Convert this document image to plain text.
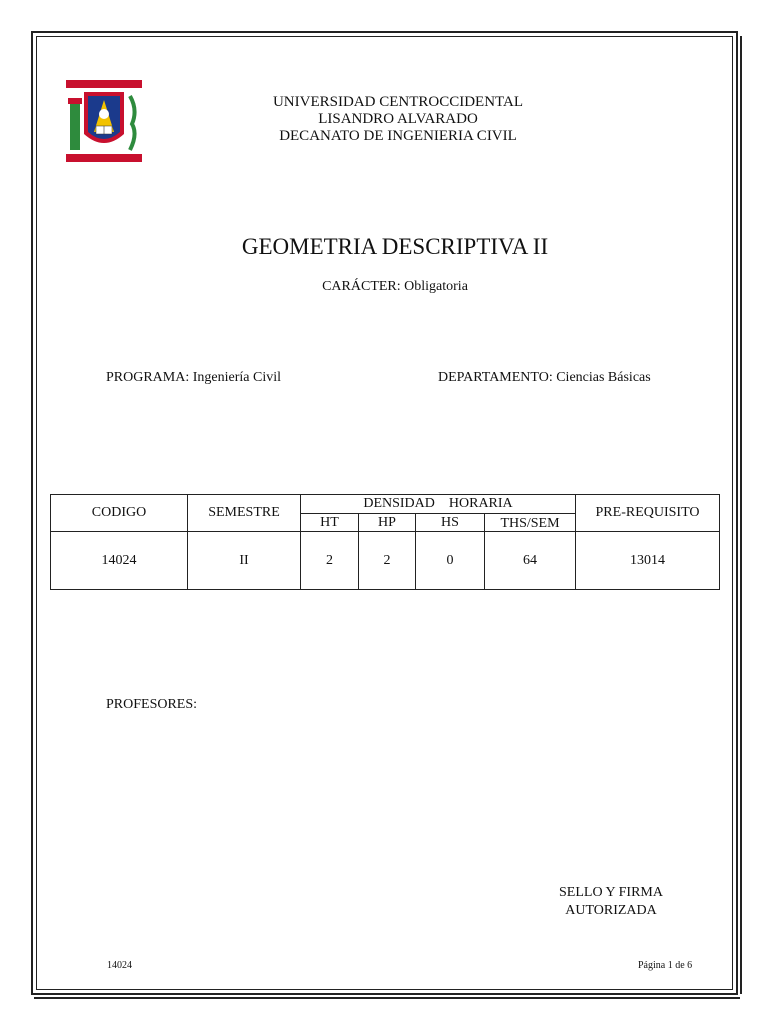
UNIVERSIDAD CENTROCCIDENTAL
LISANDRO ALVARADO
DECANATO DE INGENIERIA CIVIL
GEOMETRIA DESCRIPTIVA II
CARÁCTER: Obligatoria
PROGRAMA: Ingeniería Civil	DEPARTAMENTO: Ciencias Básicas
CODIGO	SEMESTRE	DENSIDAD    HORARIA				PRE-REQUISITO
		HT	HP	HS	THS/SEM	
14024	II	2	2	0	64	13014
PROFESORES:
SELLO Y FIRMA
AUTORIZADA
14024	Página 1 de 6
